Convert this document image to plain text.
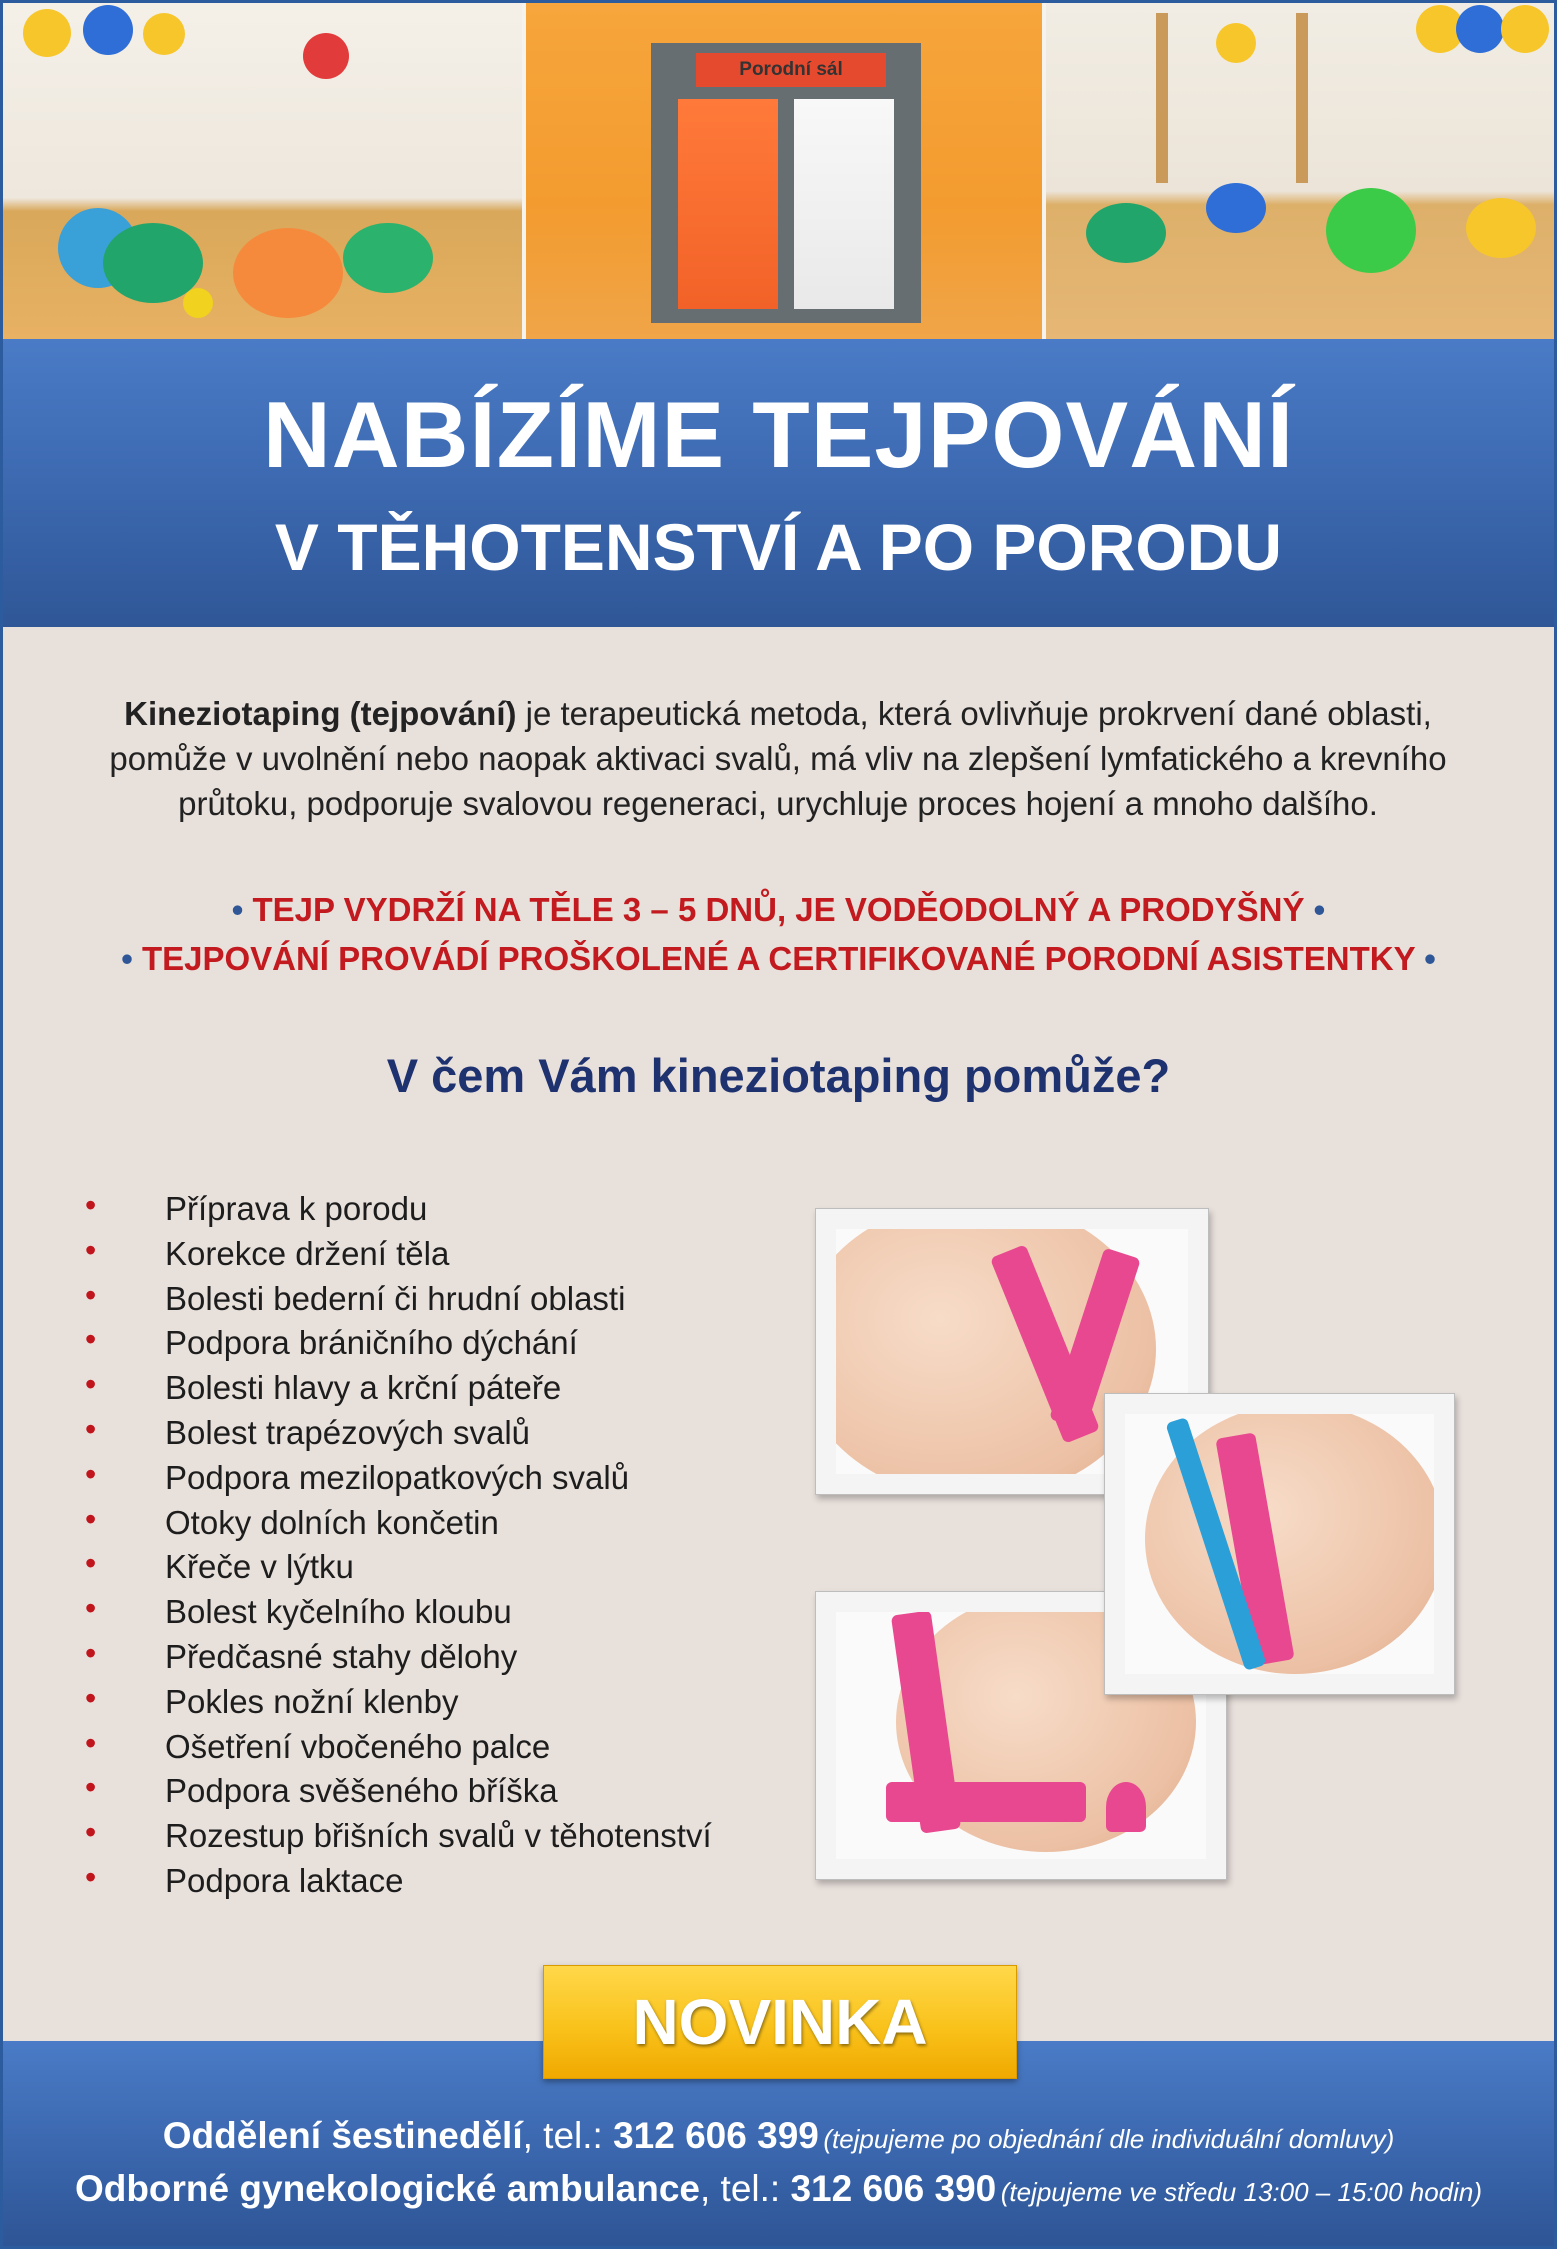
Porodní sál
NABÍZÍME TEJPOVÁNÍ
V TĚHOTENSTVÍ A PO PORODU

Kineziotaping (tejpování) je terapeutická metoda, která ovlivňuje prokrvení dané oblasti, pomůže v uvolnění nebo naopak aktivaci svalů, má vliv na zlepšení lymfatického a krevního průtoku, podporuje svalovou regeneraci, urychluje proces hojení a mnoho dalšího.

• TEJP VYDRŽÍ NA TĚLE 3 – 5 DNŮ, JE VODĚODOLNÝ A PRODYŠNÝ •
• TEJPOVÁNÍ PROVÁDÍ PROŠKOLENÉ A CERTIFIKOVANÉ PORODNÍ ASISTENTKY •
V čem Vám kineziotaping pomůže?
• Příprava k porodu
• Korekce držení těla
• Bolesti bederní či hrudní oblasti
• Podpora bráničního dýchání
• Bolesti hlavy a krční páteře
• Bolest trapézových svalů
• Podpora mezilopatkových svalů
• Otoky dolních končetin
• Křeče v lýtku
• Bolest kyčelního kloubu
• Předčasné stahy dělohy
• Pokles nožní klenby
• Ošetření vbočeného palce
• Podpora svěšeného bříška
• Rozestup břišních svalů v těhotenství
• Podpora laktace
NOVINKA
Oddělení šestinedělí, tel.: 312 606 399 (tejpujeme po objednání dle individuální domluvy)
Odborné gynekologické ambulance, tel.: 312 606 390 (tejpujeme ve středu 13:00 – 15:00 hodin)
